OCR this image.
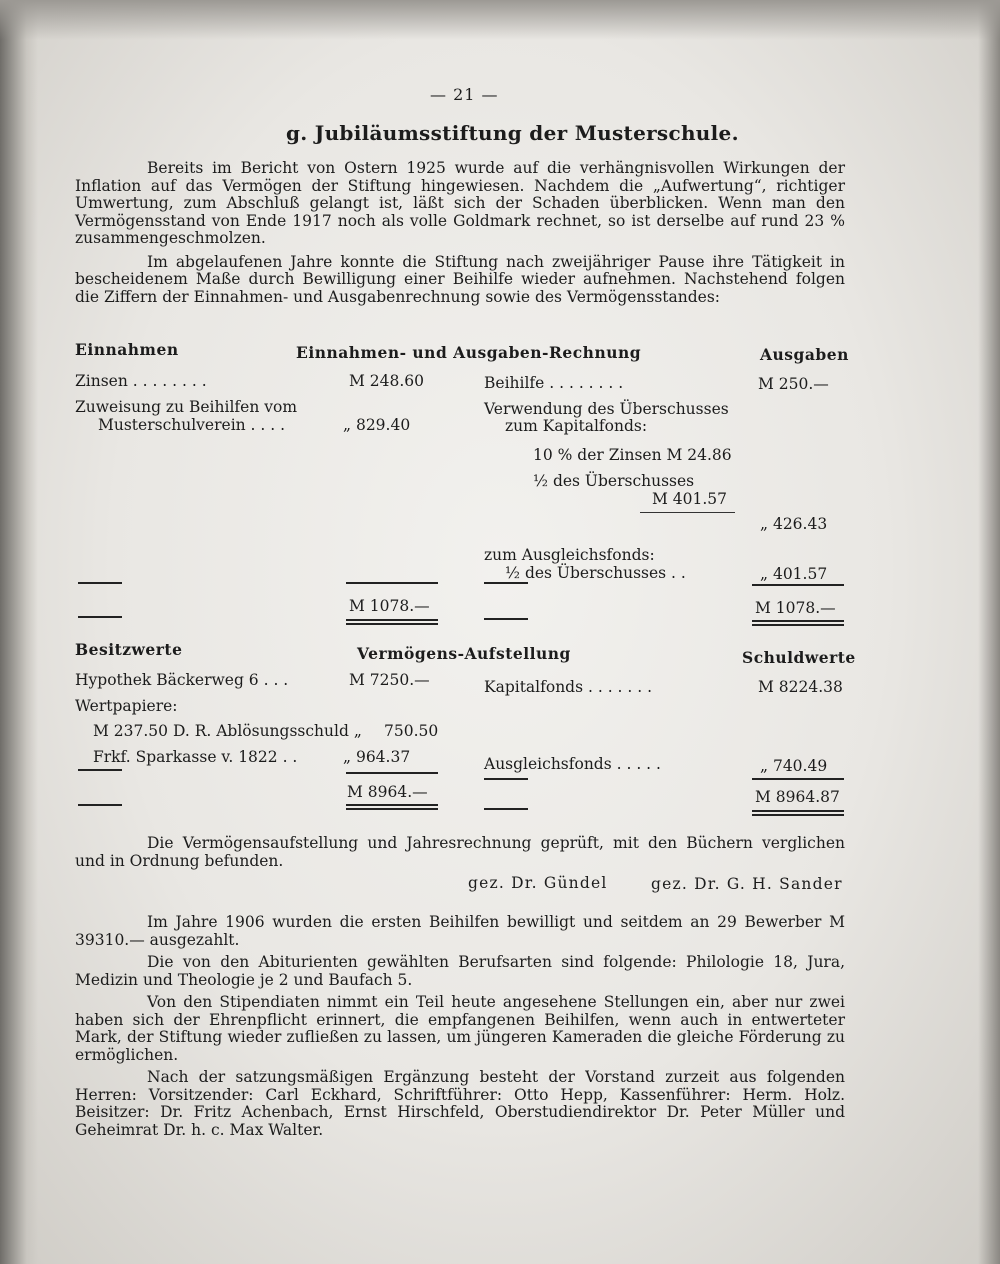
— 21 —
g. Jubiläumsstiftung der Musterschule.

Bereits im Bericht von Ostern 1925 wurde auf die verhängnisvollen Wirkungen der Inflation auf das Vermögen der Stiftung hingewiesen. Nachdem die „Aufwertung“, richtiger Umwertung, zum Abschluß gelangt ist, läßt sich der Schaden überblicken. Wenn man den Vermögensstand von Ende 1917 noch als volle Goldmark rechnet, so ist derselbe auf rund 23 % zusammengeschmolzen.

Im abgelaufenen Jahre konnte die Stiftung nach zweijähriger Pause ihre Tätigkeit in bescheidenem Maße durch Bewilligung einer Beihilfe wieder aufnehmen. Nachstehend folgen die Ziffern der Einnahmen- und Ausgabenrechnung sowie des Vermögensstandes:

Einnahmen	Einnahmen- und Ausgaben-Rechnung	Ausgaben
Zinsen . . . . . . . .	M 248.60
Zuweisung zu Beihilfen vom
Musterschulverein . . . .	„ 829.40
Beihilfe . . . . . . . .	M 250.—
Verwendung des Überschusses
zum Kapitalfonds:
10 % der Zinsen M 24.86
½ des Überschusses
M 401.57
„ 426.43
zum Ausgleichsfonds:
½ des Überschusses . .	„ 401.57
M 1078.—	M 1078.—
Besitzwerte	Vermögens-Aufstellung	Schuldwerte
Hypothek Bäckerweg 6 . . .	M 7250.—
Wertpapiere:
M 237.50 D. R. Ablösungsschuld „ 750.50
Frkf. Sparkasse v. 1822 . .	„ 964.37
Kapitalfonds . . . . . . .	M 8224.38
Ausgleichsfonds . . . . .	„ 740.49
M 8964.—	M 8964.87

Die Vermögensaufstellung und Jahresrechnung geprüft, mit den Büchern verglichen und in Ordnung befunden.

gez. Dr. Gündel	gez. Dr. G. H. Sander

Im Jahre 1906 wurden die ersten Beihilfen bewilligt und seitdem an 29 Bewerber M 39310.— ausgezahlt.

Die von den Abiturienten gewählten Berufsarten sind folgende: Philologie 18, Jura, Medizin und Theologie je 2 und Baufach 5.

Von den Stipendiaten nimmt ein Teil heute angesehene Stellungen ein, aber nur zwei haben sich der Ehrenpflicht erinnert, die empfangenen Beihilfen, wenn auch in entwerteter Mark, der Stiftung wieder zufließen zu lassen, um jüngeren Kameraden die gleiche Förderung zu ermöglichen.

Nach der satzungsmäßigen Ergänzung besteht der Vorstand zurzeit aus folgenden Herren: Vorsitzender: Carl Eckhard, Schriftführer: Otto Hepp, Kassenführer: Herm. Holz. Beisitzer: Dr. Fritz Achenbach, Ernst Hirschfeld, Oberstudiendirektor Dr. Peter Müller und Geheimrat Dr. h. c. Max Walter.
